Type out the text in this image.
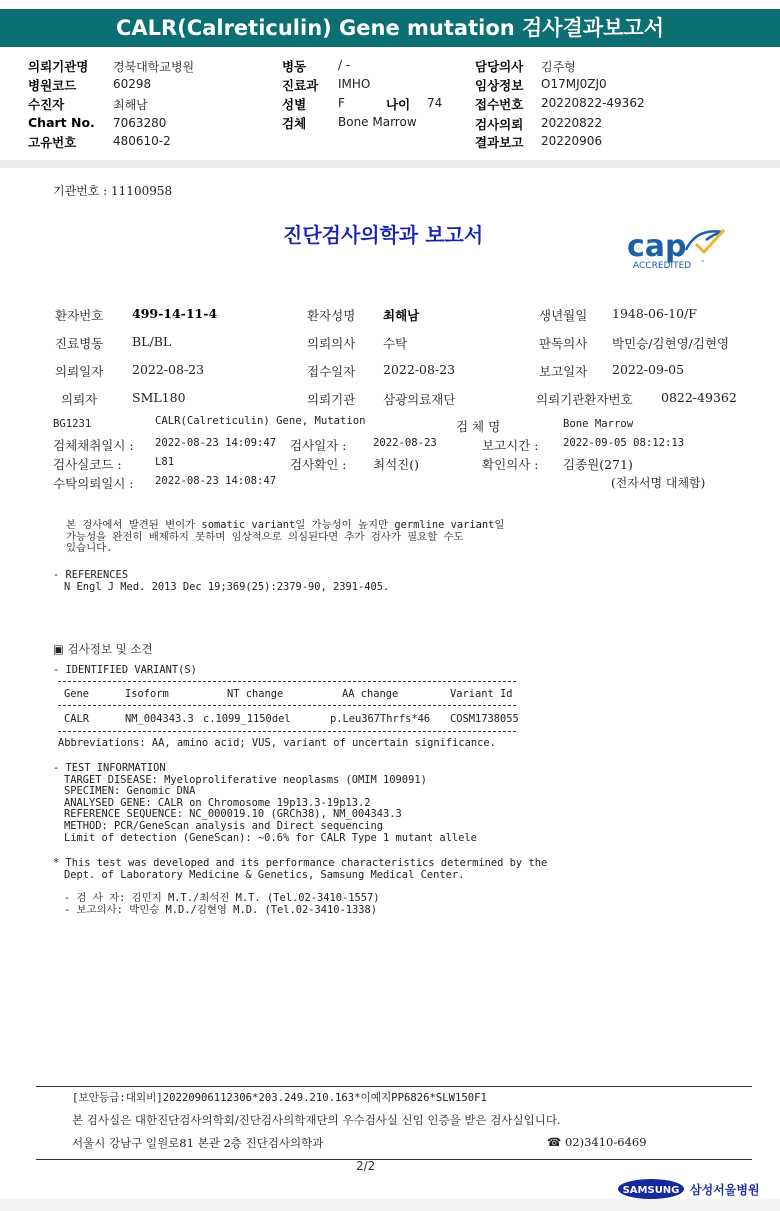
CALR(Calreticulin) Gene mutation 검사결과보고서
의뢰기관명 경북대학교병원
병원코드	60298
수진자	최해남
Chart No. 7063280
고유번호	480610-2
병동	/ -
진료과 IMHO
성별	F	나이 74
검체	Bone Marrow
담당의사 김주형
임상정보 O17MJ0ZJ0
접수번호 20220822-49362
검사의뢰 20220822
결과보고 20220906
기관번호 : 11100958
진단검사의학과 보고서	cap
ACCREDITED ™
환자번호 499-14-11-4	환자성명 최해남	생년월일 1948-06-10/F
진료병동 BL/BL	의뢰의사 수탁	판독의사 박민승/김현영/김현영
의뢰일자 2022-08-23	접수일자 2022-08-23	보고일자 2022-09-05
의뢰자	SML180	의뢰기관 삼광의료재단	의뢰기관환자번호 0822-49362
BG1231	CALR(Calreticulin) Gene, Mutation	검 체 명	Bone Marrow
검체채취일시 : 2022-08-23 14:09:47 검사일자 :	2022-08-23	보고시간 : 2022-09-05 08:12:13
검사실코드 :	L81	검사확인 : 최석진()	확인의사 : 김종원(271)
수탁의뢰일시 : 2022-08-23 14:08:47	(전자서명 대체함)
본 검사에서 발견된 변이가 somatic variant일 가능성이 높지만 germline variant일
가능성을 완전히 배제하지 못하며 임상적으로 의심된다면 추가 검사가 필요할 수도
있습니다.
- REFERENCES
N Engl J Med. 2013 Dec 19;369(25):2379-90, 2391-405.
▣ 검사정보 및 소견
- IDENTIFIED VARIANT(S)
Gene	Isoform	NT change	AA change	Variant Id
CALR	NM_004343.3 c.1099_1150del	p.Leu367Thrfs*46 COSM1738055
Abbreviations: AA, amino acid; VUS, variant of uncertain significance.
- TEST INFORMATION
TARGET DISEASE: Myeloproliferative neoplasms (OMIM 109091)
SPECIMEN: Genomic DNA
ANALYSED GENE: CALR on Chromosome 19p13.3-19p13.2
REFERENCE SEQUENCE: NC_000019.10 (GRCh38), NM_004343.3
METHOD: PCR/GeneScan analysis and Direct sequencing
Limit of detection (GeneScan): ~0.6% for CALR Type 1 mutant allele
* This test was developed and its performance characteristics determined by the
Dept. of Laboratory Medicine & Genetics, Samsung Medical Center.
- 검 사 자: 김민지 M.T./최석진 M.T. (Tel.02-3410-1557)
- 보고의사: 박민승 M.D./김현영 M.D. (Tel.02-3410-1338)
[보안등급:대외비]20220906112306*203.249.210.163*이예지PP6826*SLW150F1
본 검사실은 대한진단검사의학회/진단검사의학재단의 우수검사실 신임 인증을 받은 검사실입니다.
서울시 강남구 일원로81 본관 2층 진단검사의학과	☎ 02)3410-6469
2/2
SAMSUNG 삼성서울병원
